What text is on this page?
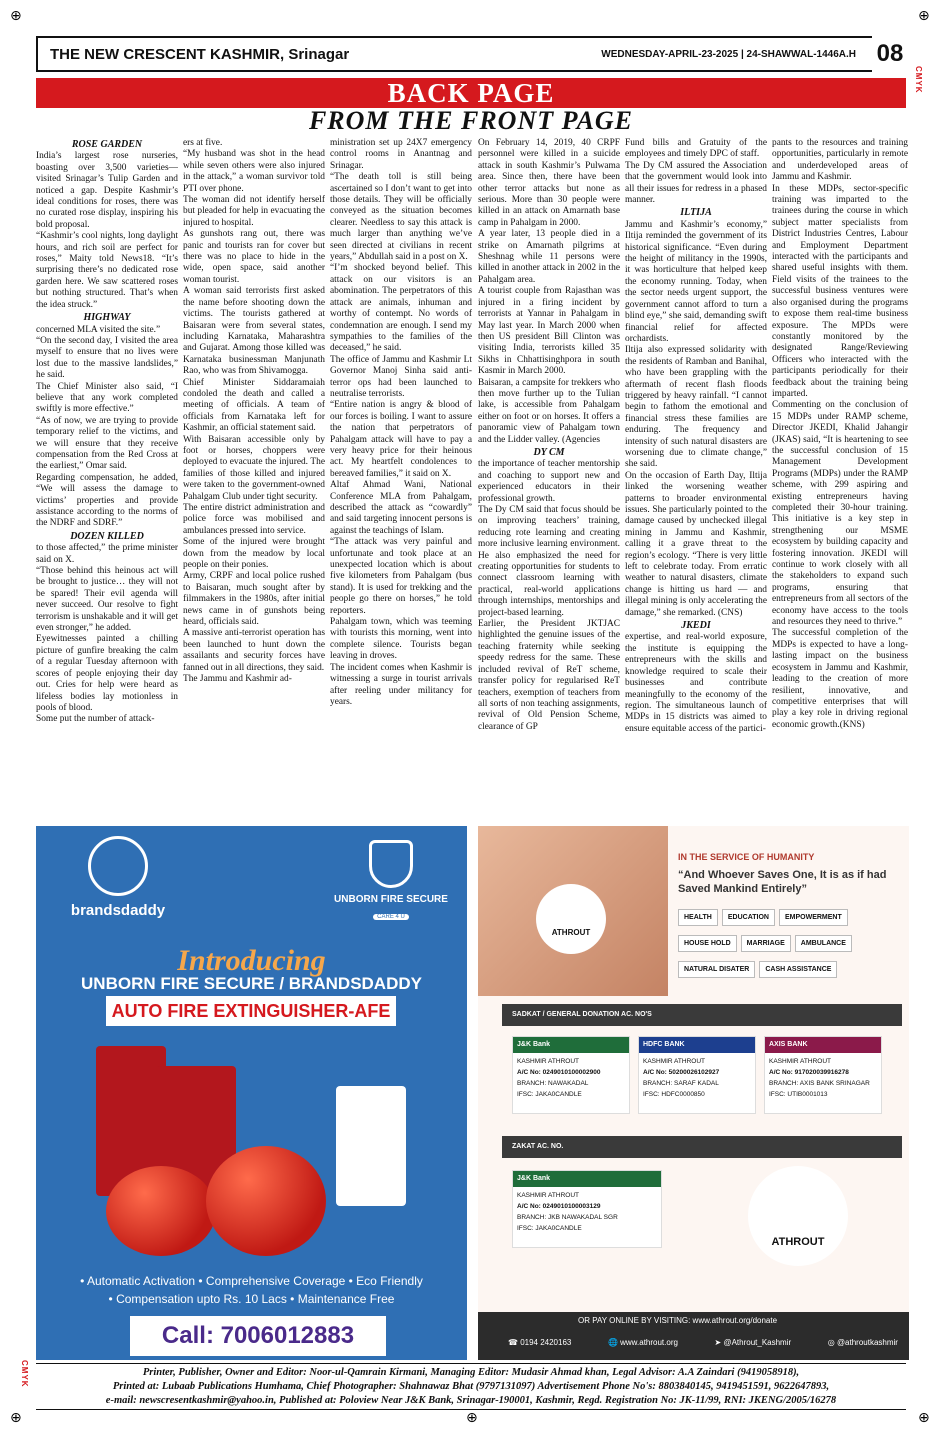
⊕	⊕
⊕	⊕
⊕
CMYK
CMYK
THE NEW CRESCENT KASHMIR, Srinagar	WEDNESDAY-APRIL-23-2025 | 24-SHAWWAL-1446A.H 08
BACK PAGE
FROM THE FRONT PAGE
ROSE GARDEN

India’s largest rose nurseries, boasting over 3,500 varieties— visited Srinagar’s Tulip Garden and noticed a gap. Despite Kashmir’s ideal conditions for roses, there was no curated rose display, inspiring his bold proposal.

“Kashmir’s cool nights, long daylight hours, and rich soil are perfect for roses,” Maity told News18. “It’s surprising there’s no dedicated rose garden here. We saw scattered roses but nothing structured. That’s when the idea struck.”

HIGHWAY

concerned MLA visited the site.”

“On the second day, I visited the area myself to ensure that no lives were lost due to the massive landslides,” he said.

The Chief Minister also said, “I believe that any work completed swiftly is more effective.”

“As of now, we are trying to provide temporary relief to the victims, and we will ensure that they receive compensation from the Red Cross at the earliest,” Omar said.

Regarding compensation, he added, “We will assess the damage to victims’ properties and provide assistance according to the norms of the NDRF and SDRF.”

DOZEN KILLED

to those affected,” the prime minister said on X.

“Those behind this heinous act will be brought to justice… they will not be spared! Their evil agenda will never succeed. Our resolve to fight terrorism is unshakable and it will get even stronger,” he added.

Eyewitnesses painted a chilling picture of gunfire breaking the calm of a regular Tuesday afternoon with scores of people enjoying their day out. Cries for help were heard as lifeless bodies lay motionless in pools of blood.

Some put the number of attack-

ers at five.

“My husband was shot in the head while seven others were also injured in the attack,” a woman survivor told PTI over phone.

The woman did not identify herself but pleaded for help in evacuating the injured to hospital.

As gunshots rang out, there was panic and tourists ran for cover but there was no place to hide in the wide, open space, said another woman tourist.

A woman said terrorists first asked the name before shooting down the victims. The tourists gathered at Baisaran were from several states, including Karnataka, Maharashtra and Gujarat. Among those killed was Karnataka businessman Manjunath Rao, who was from Shivamogga.

Chief Minister Siddaramaiah condoled the death and called a meeting of officials. A team of officials from Karnataka left for Kashmir, an official statement said.

With Baisaran accessible only by foot or horses, choppers were deployed to evacuate the injured. The families of those killed and injured were taken to the government-owned Pahalgam Club under tight security.

The entire district administration and police force was mobilised and ambulances pressed into service.

Some of the injured were brought down from the meadow by local people on their ponies.

Army, CRPF and local police rushed to Baisaran, much sought after by filmmakers in the 1980s, after initial news came in of gunshots being heard, officials said.

A massive anti-terrorist operation has been launched to hunt down the assailants and security forces have fanned out in all directions, they said.

The Jammu and Kashmir ad-

ministration set up 24X7 emergency control rooms in Anantnag and Srinagar.

“The death toll is still being ascertained so I don’t want to get into those details. They will be officially conveyed as the situation becomes clearer. Needless to say this attack is much larger than anything we’ve seen directed at civilians in recent years,” Abdullah said in a post on X.

“I’m shocked beyond belief. This attack on our visitors is an abomination. The perpetrators of this attack are animals, inhuman and worthy of contempt. No words of condemnation are enough. I send my sympathies to the families of the deceased,” he said.

The office of Jammu and Kashmir Lt Governor Manoj Sinha said anti-terror ops had been launched to neutralise terrorists.

“Entire nation is angry & blood of our forces is boiling. I want to assure the nation that perpetrators of Pahalgam attack will have to pay a very heavy price for their heinous act. My heartfelt condolences to bereaved families,” it said on X.

Altaf Ahmad Wani, National Conference MLA from Pahalgam, described the attack as “cowardly” and said targeting innocent persons is against the teachings of Islam.

“The attack was very painful and unfortunate and took place at an unexpected location which is about five kilometers from Pahalgam (bus stand). It is used for trekking and the people go there on horses,” he told reporters.

Pahalgam town, which was teeming with tourists this morning, went into complete silence. Tourists began leaving in droves.

The incident comes when Kashmir is witnessing a surge in tourist arrivals after reeling under militancy for years.

On February 14, 2019, 40 CRPF personnel were killed in a suicide attack in south Kashmir’s Pulwama area. Since then, there have been other terror attacks but none as serious. More than 30 people were killed in an attack on Amarnath base camp in Pahalgam in 2000.

A year later, 13 people died in a strike on Amarnath pilgrims at Sheshnag while 11 persons were killed in another attack in 2002 in the Pahalgam area.

A tourist couple from Rajasthan was injured in a firing incident by terrorists at Yannar in Pahalgam in May last year. In March 2000 when then US president Bill Clinton was visiting India, terrorists killed 35 Sikhs in Chhattisinghpora in south Kasmir in March 2000.

Baisaran, a campsite for trekkers who then move further up to the Tulian lake, is accessible from Pahalgam either on foot or on horses. It offers a panoramic view of Pahalgam town and the Lidder valley. (Agencies

DY CM

the importance of teacher mentorship and coaching to support new and experienced educators in their professional growth.

The Dy CM said that focus should be on improving teachers’ training, reducing rote learning and creating more inclusive learning environment. He also emphasized the need for creating opportunities for students to connect classroom learning with practical, real-world applications through internships, mentorships and project-based learning.

Earlier, the President JKTJAC highlighted the genuine issues of the teaching fraternity while seeking speedy redress for the same. These included revival of ReT scheme, transfer policy for regularised ReT teachers, exemption of teachers from all sorts of non teaching assignments, revival of Old Pension Scheme, clearance of GP

Fund bills and Gratuity of the employees and timely DPC of staff.

The Dy CM assured the Association that the government would look into all their issues for redress in a phased manner.

ILTIJA

Jammu and Kashmir’s economy,” Iltija reminded the government of its historical significance. “Even during the height of militancy in the 1990s, it was horticulture that helped keep the economy running. Today, when the sector needs urgent support, the government cannot afford to turn a blind eye,” she said, demanding swift financial relief for affected orchardists.

Iltija also expressed solidarity with the residents of Ramban and Banihal, who have been grappling with the aftermath of recent flash floods triggered by heavy rainfall. “I cannot begin to fathom the emotional and financial stress these families are enduring. The frequency and intensity of such natural disasters are worsening due to climate change,” she said.

On the occasion of Earth Day, Iltija linked the worsening weather patterns to broader environmental issues. She particularly pointed to the damage caused by unchecked illegal mining in Jammu and Kashmir, calling it a grave threat to the region’s ecology. “There is very little left to celebrate today. From erratic weather to natural disasters, climate change is hitting us hard — and illegal mining is only accelerating the damage,” she remarked. (CNS)

JKEDI

expertise, and real-world exposure, the institute is equipping the entrepreneurs with the skills and knowledge required to scale their businesses and contribute meaningfully to the economy of the region. The simultaneous launch of MDPs in 15 districts was aimed to ensure equitable access of the partici-

pants to the resources and training opportunities, particularly in remote and underdeveloped areas of Jammu and Kashmir.

In these MDPs, sector-specific training was imparted to the trainees during the course in which subject matter specialists from District Industries Centres, Labour and Employment Department interacted with the participants and shared useful insights with them. Field visits of the trainees to the successful business ventures were also organised during the programs to expose them real-time business exposure. The MPDs were constantly monitored by the designated Range/Reviewing Officers who interacted with the participants periodically for their feedback about the training being imparted.

Commenting on the conclusion of 15 MDPs under RAMP scheme, Director JKEDI, Khalid Jahangir (JKAS) said, “It is heartening to see the successful conclusion of 15 Management Development Programs (MDPs) under the RAMP scheme, with 299 aspiring and existing entrepreneurs having completed their 30-hour training. This initiative is a key step in strengthening our MSME ecosystem by building capacity and fostering innovation. JKEDI will continue to work closely with all the stakeholders to expand such programs, ensuring that entrepreneurs from all sectors of the economy have access to the tools and resources they need to thrive.”

The successful completion of the MDPs is expected to have a long-lasting impact on the business ecosystem in Jammu and Kashmir, leading to the creation of more resilient, innovative, and competitive enterprises that will play a key role in driving regional economic growth.(KNS)

brandsdaddy
UNBORN FIRE SECURE
CARE 4 U
Introducing
UNBORN FIRE SECURE / BRANDSDADDY
AUTO FIRE EXTINGUISHER-AFE
• Automatic Activation • Comprehensive Coverage • Eco Friendly
• Compensation upto Rs. 10 Lacs • Maintenance Free
Call: 7006012883
ATHROUT
IN THE SERVICE OF HUMANITY
“And Whoever Saves One, It is as if had Saved Mankind Entirely”
HEALTH EDUCATION EMPOWERMENT HOUSE HOLD MARRIAGE AMBULANCE NATURAL DISATER CASH ASSISTANCE
SADKAT / GENERAL DONATION AC. NO'S
J&K Bank
KASHMIR ATHROUT
A/C No: 0249010100002900
BRANCH: NAWAKADAL
IFSC: JAKA0CANDLE
HDFC BANK
KASHMIR ATHROUT
A/C No: 50200026102927
BRANCH: SARAF KADAL
IFSC: HDFC0000850
AXIS BANK
KASHMIR ATHROUT
A/C No: 917020039916278
BRANCH: AXIS BANK SRINAGAR
IFSC: UTIB0001013
ZAKAT AC. NO.
J&K Bank
KASHMIR ATHROUT
A/C No: 0249010100003129
BRANCH: JKB NAWAKADAL SGR
IFSC: JAKA0CANDLE
ATHROUT
OR PAY ONLINE BY VISITING: www.athrout.org/donate
☎ 0194 2420163	🌐 www.athrout.org	➤ @Athrout_Kashmir	◎ @athroutkashmir
Printer, Publisher, Owner and Editor: Noor-ul-Qamrain Kirmani, Managing Editor: Mudasir Ahmad khan, Legal Advisor: A.A Zaindari (9419058918),
Printed at: Lubaab Publications Humhama, Chief Photographer: Shahnawaz Bhat (9797131097) Advertisement Phone No's: 8803840145, 9419451591, 9622647893,
e-mail: newscresentkashmir@yahoo.in, Published at: Poloview Near J&K Bank, Srinagar-190001, Kashmir, Regd. Registration No: JK-11/99, RNI: JKENG/2005/16278
